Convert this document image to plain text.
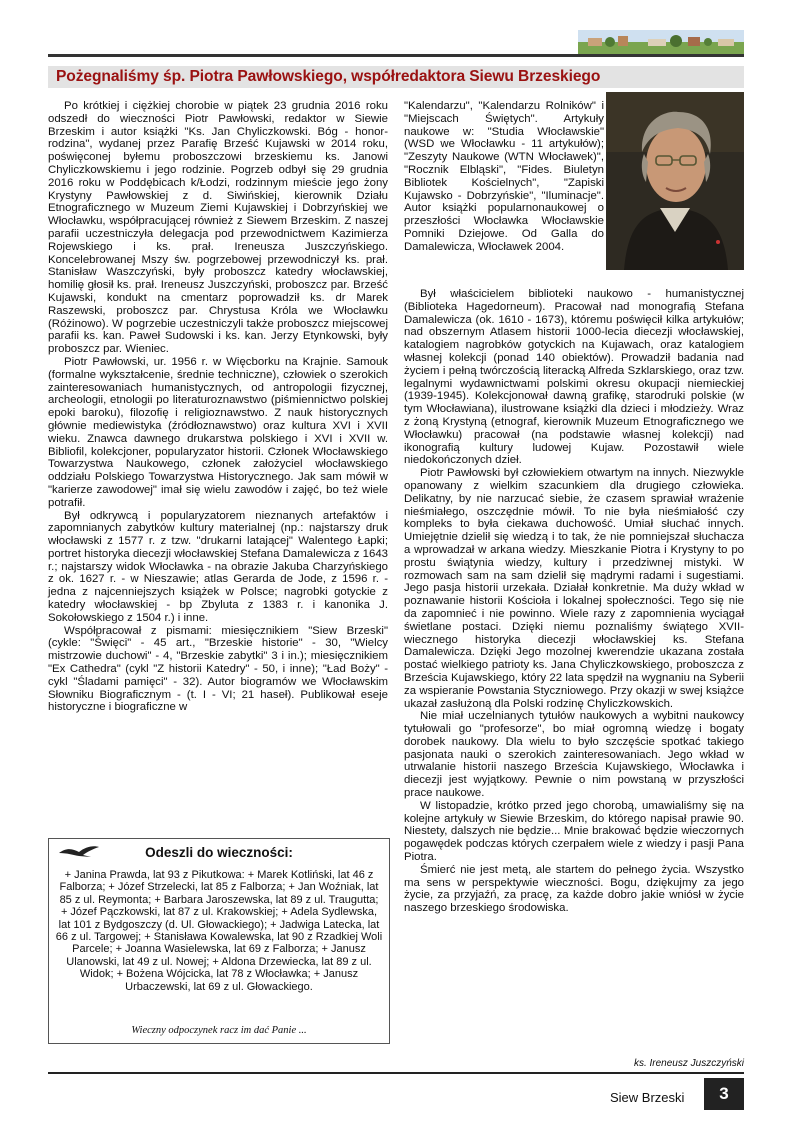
Pożegnaliśmy śp. Piotra Pawłowskiego, współredaktora Siewu Brzeskiego

Po krótkiej i ciężkiej chorobie w piątek 23 grudnia 2016 roku odszedł do wieczności Piotr Pawłowski, redaktor w Siewie Brzeskim i autor książki "Ks. Jan Chyliczkowski. Bóg - honor- rodzina", wydanej przez Parafię Brześć Kujawski w 2014 roku, poświęconej byłemu proboszczowi brzeskiemu ks. Janowi Chyliczkowskiemu i jego rodzinie. Pogrzeb odbył się 29 grudnia 2016 roku w Poddębicach k/Łodzi, rodzinnym mieście jego żony Krystyny Pawłowskiej z d. Siwińskiej, kierownik Działu Etnograficznego w Muzeum Ziemi Kujawskiej i Dobrzyńskiej we Włocławku, współpracującej również z Siewem Brzeskim. Z naszej parafii uczestniczyła delegacja pod przewodnictwem Kazimierza Rojewskiego i ks. prał. Ireneusza Juszczyńskiego. Koncelebrowanej Mszy św. pogrzebowej przewodniczył ks. prał. Stanisław Waszczyński, były proboszcz katedry włocławskiej, homilię głosił ks. prał. Ireneusz Juszczyński, proboszcz par. Brześć Kujawski, kondukt na cmentarz poprowadził ks. dr Marek Raszewski, proboszcz par. Chrystusa Króla we Włocławku (Różinowo). W pogrzebie uczestniczyli także proboszcz miejscowej parafii ks. kan. Paweł Sudowski i ks. kan. Jerzy Etynkowski, były proboszcz par. Wieniec.

Piotr Pawłowski, ur. 1956 r. w Więcborku na Krajnie. Samouk (formalne wykształcenie, średnie techniczne), człowiek o szerokich zainteresowaniach humanistycznych, od antropologii fizycznej, archeologii, etnologii po literaturoznawstwo (piśmiennictwo polskiej epoki baroku), filozofię i religioznawstwo. Z nauk historycznych głównie mediewistyka (źródłoznawstwo) oraz kultura XVI i XVII wieku. Znawca dawnego drukarstwa polskiego i XVI i XVII w. Bibliofil, kolekcjoner, popularyzator historii. Członek Włocławskiego Towarzystwa Naukowego, członek założyciel włocławskiego oddziału Polskiego Towarzystwa Historycznego. Jak sam mówił w "karierze zawodowej" imał się wielu zawodów i zajęć, bo też wiele potrafił.

Był odkrywcą i popularyzatorem nieznanych artefaktów i zapomnianych zabytków kultury materialnej (np.: najstarszy druk włocławski z 1577 r. z tzw. "drukarni latającej" Walentego Łapki; portret historyka diecezji włocławskiej Stefana Damalewicza z 1643 r.; najstarszy widok Włocławka - na obrazie Jakuba Charzyńskiego z ok. 1627 r. - w Nieszawie; atlas Gerarda de Jode, z 1596 r. - jedna z najcenniejszych książek w Polsce; nagrobki gotyckie z katedry włocławskiej - bp Zbyluta z 1383 r. i kanonika J. Sokołowskiego z 1504 r.) i inne.

Współpracował z pismami: miesięcznikiem "Siew Brzeski" (cykle: "Święci" - 45 art., "Brzeskie historie" - 30, "Wielcy mistrzowie duchowi" - 4, "Brzeskie zabytki" 3 i in.); miesięcznikiem "Ex Cathedra" (cykl "Z historii Katedry" - 50, i inne); "Ład Boży" - cykl "Śladami pamięci" - 32). Autor biogramów we Włocławskim Słowniku Biograficznym - (t. I - VI; 21 haseł). Publikował eseje historyczne i biograficzne w

"Kalendarzu", "Kalendarzu Rolników" i "Miejscach Świętych". Artykuły naukowe w: "Studia Włocławskie" (WSD we Włocławku - 11 artykułów); "Zeszyty Naukowe (WTN Włocławek)", "Rocznik Elbląski", "Fides. Biuletyn Bibliotek Kościelnych", "Zapiski Kujawsko - Dobrzyńskie", "Iluminacje". Autor książki popularnonaukowej o przeszłości Włocławka Włocławskie Pomniki Dziejowe. Od Galla do Damalewicza, Włocławek 2004.

Był właścicielem biblioteki naukowo - humanistycznej (Biblioteka Hagedorneum). Pracował nad monografią Stefana Damalewicza (ok. 1610 - 1673), któremu poświęcił kilka artykułów; nad obszernym Atlasem historii 1000-lecia diecezji włocławskiej, katalogiem nagrobków gotyckich na Kujawach, oraz katalogiem własnej kolekcji (ponad 140 obiektów). Prowadził badania nad życiem i pełną twórczością literacką Alfreda Szklarskiego, oraz tzw. legalnymi wydawnictwami polskimi okresu okupacji niemieckiej (1939-1945). Kolekcjonował dawną grafikę, starodruki polskie (w tym Włocławiana), ilustrowane książki dla dzieci i młodzieży. Wraz z żoną Krystyną (etnograf, kierownik Muzeum Etnograficznego we Włocławku) pracował (na podstawie własnej kolekcji) nad ikonografią kultury ludowej Kujaw. Pozostawił wiele niedokończonych dzieł.

Piotr Pawłowski był człowiekiem otwartym na innych. Niezwykle opanowany z wielkim szacunkiem dla drugiego człowieka. Delikatny, by nie narzucać siebie, że czasem sprawiał wrażenie nieśmiałego, oszczędnie mówił. To nie była nieśmiałość czy kompleks to była ciekawa duchowość. Umiał słuchać innych. Umiejętnie dzielił się wiedzą i to tak, że nie pomniejszał słuchacza a wprowadzał w arkana wiedzy. Mieszkanie Piotra i Krystyny to po prostu świątynia wiedzy, kultury i przedziwnej mistyki. W rozmowach sam na sam dzielił się mądrymi radami i sugestiami. Jego pasja historii urzekała. Działał konkretnie. Ma duży wkład w poznawanie historii Kościoła i lokalnej społeczności. Tego się nie da zapomnieć i nie powinno. Wiele razy z zapomnienia wyciągał świetlane postaci. Dzięki niemu poznaliśmy świątego XVII-wiecznego historyka diecezji włocławskiej ks. Stefana Damalewicza. Dzięki Jego mozolnej kwerendzie ukazana została postać wielkiego patrioty ks. Jana Chyliczkowskiego, proboszcza z Brześcia Kujawskiego, który 22 lata spędził na wygnaniu na Syberii za wspieranie Powstania Styczniowego. Przy okazji w swej książce ukazał zasłużoną dla Polski rodzinę Chyliczkowskich.

Nie miał uczelnianych tytułów naukowych a wybitni naukowcy tytułowali go "profesorze", bo miał ogromną wiedzę i bogaty dorobek naukowy. Dla wielu to było szczęście spotkać takiego pasjonata nauki o szerokich zainteresowaniach. Jego wkład w utrwalanie historii naszego Brześcia Kujawskiego, Włocławka i diecezji jest wyjątkowy. Pewnie o nim powstaną w przyszłości prace naukowe.

W listopadzie, krótko przed jego chorobą, umawialiśmy się na kolejne artykuły w Siewie Brzeskim, do którego napisał prawie 90. Niestety, dalszych nie będzie... Mnie brakować będzie wieczornych pogawędek podczas których czerpałem wiele z wiedzy i pasji Pana Piotra.

Śmierć nie jest metą, ale startem do pełnego życia. Wszystko ma sens w perspektywie wieczności. Bogu, dziękujmy za jego życie, za przyjaźń, za pracę, za każde dobro jakie wniósł w życie naszego brzeskiego środowiska.

ks. Ireneusz Juszczyński
Odeszli do wieczności:
+ Janina Prawda, lat 93 z Pikutkowa: + Marek Kotliński, lat 46 z Falborza; + Józef Strzelecki, lat 85 z Falborza; + Jan Woźniak, lat 85 z ul. Reymonta; + Barbara Jaroszewska, lat 89 z ul. Traugutta; + Józef Pączkowski, lat 87 z ul. Krakowskiej; + Adela Sydlewska, lat 101 z Bydgoszczy (d. Ul. Głowackiego); + Jadwiga Latecka, lat 66 z ul. Targowej; + Stanisława Kowalewska, lat 90 z Rzadkiej Woli Parcele; + Joanna Wasielewska, lat 69 z Falborza; + Janusz Ulanowski, lat 49 z ul. Nowej; + Aldona Drzewiecka, lat 89 z ul. Widok; + Bożena Wójcicka, lat 78 z Włocławka; + Janusz Urbaczewski, lat 69 z ul. Głowackiego.
Wieczny odpoczynek racz im dać Panie ...
Siew Brzeski	3
